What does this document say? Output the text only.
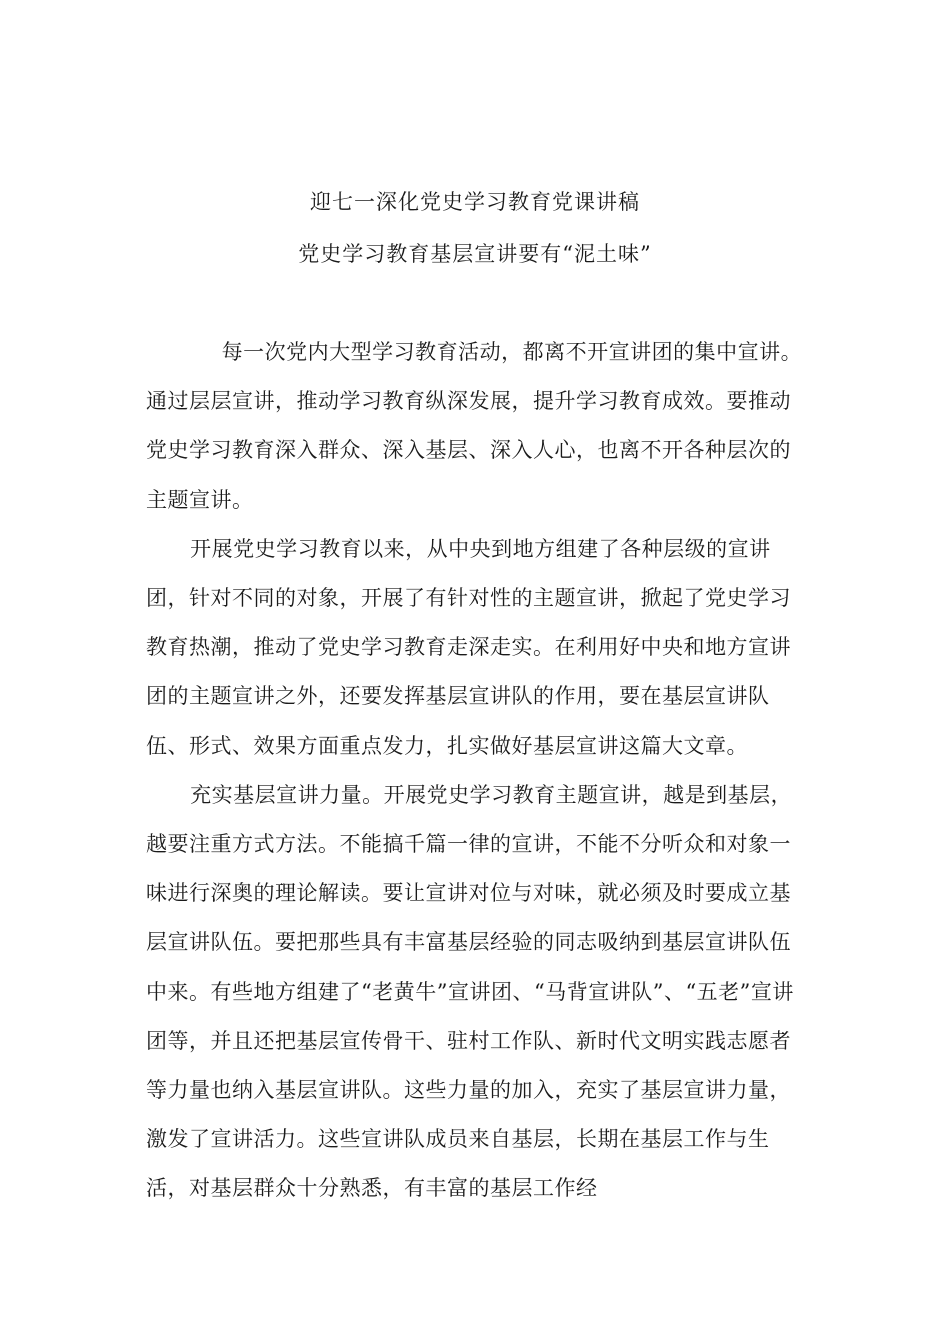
迎七一深化党史学习教育党课讲稿
党史学习教育基层宣讲要有“泥土味”

每一次党内大型学习教育活动，都离不开宣讲团的集中宣讲。通过层层宣讲，推动学习教育纵深发展，提升学习教育成效。要推动党史学习教育深入群众、深入基层、深入人心，也离不开各种层次的主题宣讲。

开展党史学习教育以来，从中央到地方组建了各种层级的宣讲团，针对不同的对象，开展了有针对性的主题宣讲，掀起了党史学习教育热潮，推动了党史学习教育走深走实。在利用好中央和地方宣讲团的主题宣讲之外，还要发挥基层宣讲队的作用，要在基层宣讲队伍、形式、效果方面重点发力，扎实做好基层宣讲这篇大文章。

充实基层宣讲力量。开展党史学习教育主题宣讲，越是到基层，越要注重方式方法。不能搞千篇一律的宣讲，不能不分听众和对象一味进行深奥的理论解读。要让宣讲对位与对味，就必须及时要成立基层宣讲队伍。要把那些具有丰富基层经验的同志吸纳到基层宣讲队伍中来。有些地方组建了“老黄牛”宣讲团、“马背宣讲队”、“五老”宣讲团等，并且还把基层宣传骨干、驻村工作队、新时代文明实践志愿者等力量也纳入基层宣讲队。这些力量的加入，充实了基层宣讲力量，激发了宣讲活力。这些宣讲队成员来自基层，长期在基层工作与生活，对基层群众十分熟悉，有丰富的基层工作经
